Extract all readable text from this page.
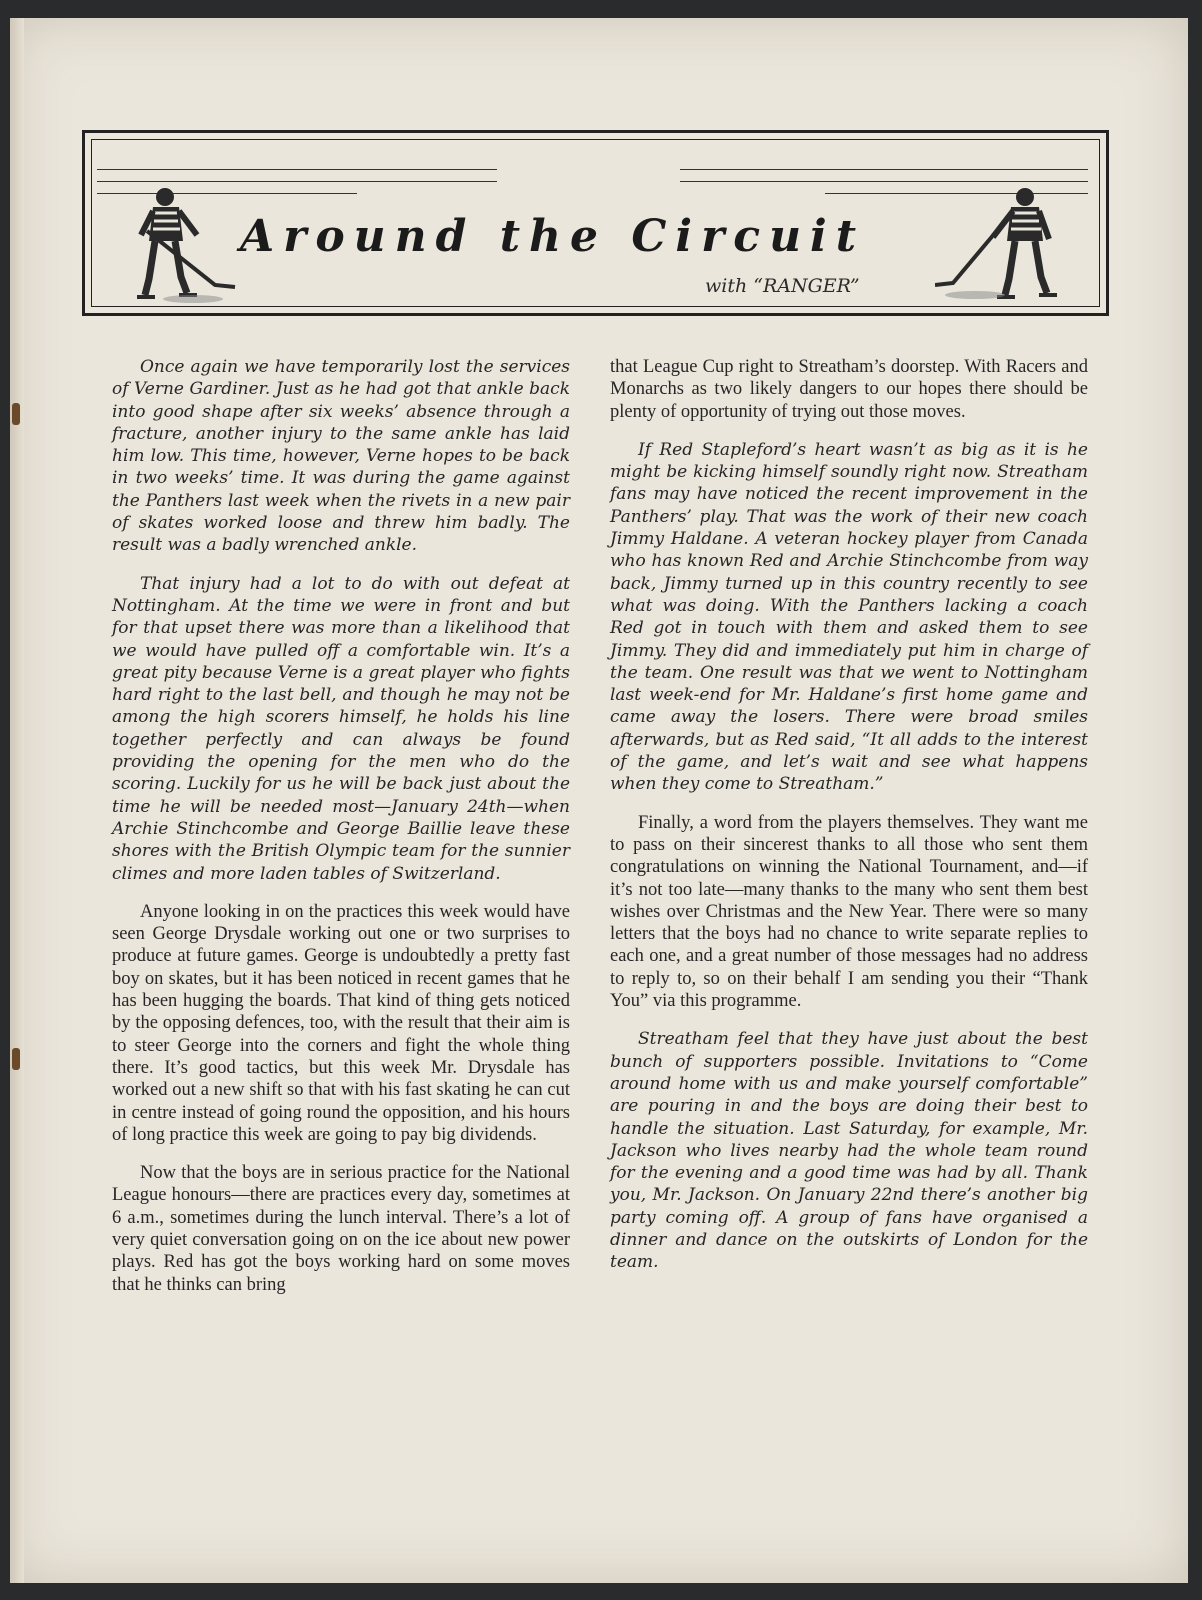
Around the Circuit
with “RANGER”

Once again we have temporarily lost the services of Verne Gardiner. Just as he had got that ankle back into good shape after six weeks’ absence through a fracture, another injury to the same ankle has laid him low. This time, however, Verne hopes to be back in two weeks’ time. It was during the game against the Panthers last week when the rivets in a new pair of skates worked loose and threw him badly. The result was a badly wrenched ankle.

That injury had a lot to do with out defeat at Nottingham. At the time we were in front and but for that upset there was more than a likelihood that we would have pulled off a comfortable win. It’s a great pity because Verne is a great player who fights hard right to the last bell, and though he may not be among the high scorers himself, he holds his line together perfectly and can always be found providing the opening for the men who do the scoring. Luckily for us he will be back just about the time he will be needed most—January 24th—when Archie Stinchcombe and George Baillie leave these shores with the British Olympic team for the sunnier climes and more laden tables of Switzerland.

Anyone looking in on the practices this week would have seen George Drysdale working out one or two surprises to produce at future games. George is undoubtedly a pretty fast boy on skates, but it has been noticed in recent games that he has been hugging the boards. That kind of thing gets noticed by the opposing defences, too, with the result that their aim is to steer George into the corners and fight the whole thing there. It’s good tactics, but this week Mr. Drysdale has worked out a new shift so that with his fast skating he can cut in centre instead of going round the opposition, and his hours of long practice this week are going to pay big dividends.

Now that the boys are in serious practice for the National League honours—there are practices every day, sometimes at 6 a.m., sometimes during the lunch interval. There’s a lot of very quiet conversation going on on the ice about new power plays. Red has got the boys working hard on some moves that he thinks can bring

that League Cup right to Streatham’s doorstep. With Racers and Monarchs as two likely dangers to our hopes there should be plenty of opportunity of trying out those moves.

If Red Stapleford’s heart wasn’t as big as it is he might be kicking himself soundly right now. Streatham fans may have noticed the recent improvement in the Panthers’ play. That was the work of their new coach Jimmy Haldane. A veteran hockey player from Canada who has known Red and Archie Stinchcombe from way back, Jimmy turned up in this country recently to see what was doing. With the Panthers lacking a coach Red got in touch with them and asked them to see Jimmy. They did and immediately put him in charge of the team. One result was that we went to Nottingham last week-end for Mr. Haldane’s first home game and came away the losers. There were broad smiles afterwards, but as Red said, “It all adds to the interest of the game, and let’s wait and see what happens when they come to Streatham.”

Finally, a word from the players themselves. They want me to pass on their sincerest thanks to all those who sent them congratulations on winning the National Tournament, and—if it’s not too late—many thanks to the many who sent them best wishes over Christmas and the New Year. There were so many letters that the boys had no chance to write separate replies to each one, and a great number of those messages had no address to reply to, so on their behalf I am sending you their “Thank You” via this programme.

Streatham feel that they have just about the best bunch of supporters possible. Invitations to “Come around home with us and make yourself comfortable” are pouring in and the boys are doing their best to handle the situation. Last Saturday, for example, Mr. Jackson who lives nearby had the whole team round for the evening and a good time was had by all. Thank you, Mr. Jackson. On January 22nd there’s another big party coming off. A group of fans have organised a dinner and dance on the outskirts of London for the team.
